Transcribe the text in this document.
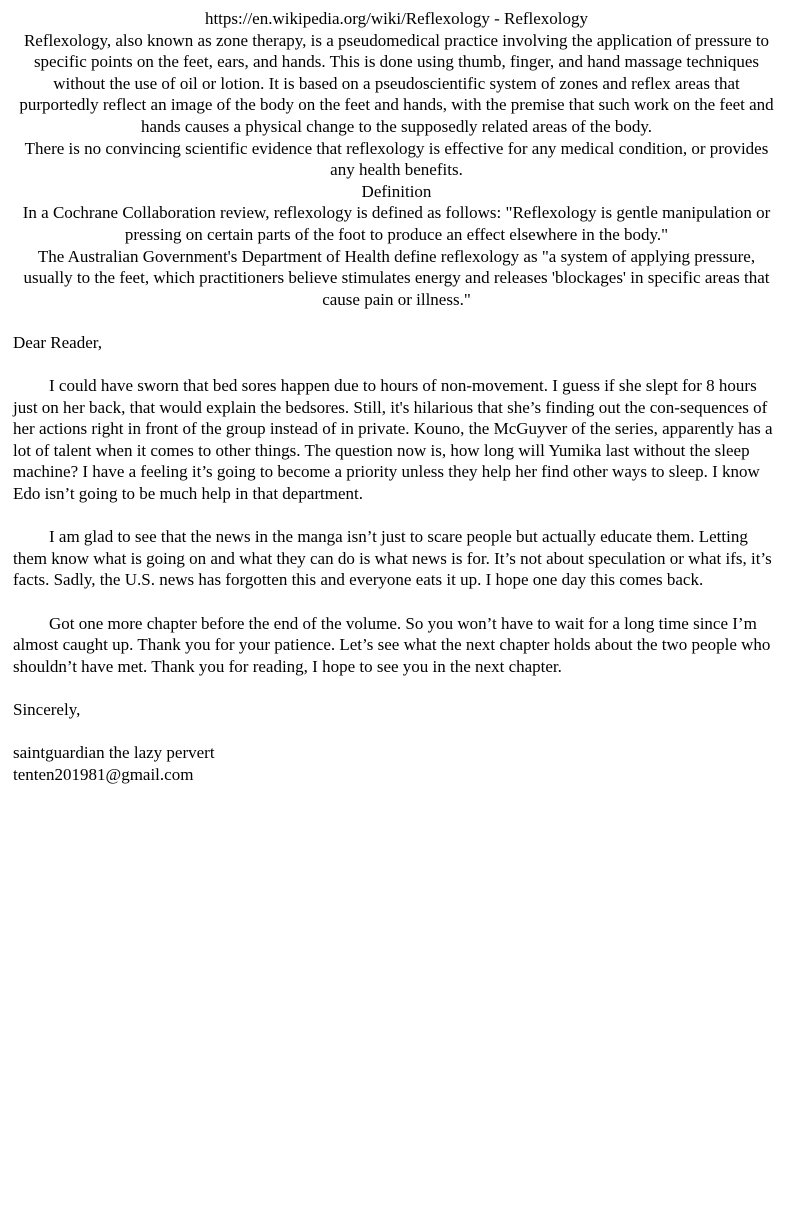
https://en.wikipedia.org/wiki/Reflexology - Reflexology

Reflexology, also known as zone therapy, is a pseudomedical practice involving the application of pressure to specific points on the feet, ears, and hands. This is done using thumb, finger, and hand massage techniques without the use of oil or lotion. It is based on a pseudoscientific system of zones and reflex areas that purportedly reflect an image of the body on the feet and hands, with the premise that such work on the feet and hands causes a physical change to the supposedly related areas of the body.

There is no convincing scientific evidence that reflexology is effective for any medical condition, or provides any health benefits.

Definition

In a Cochrane Collaboration review, reflexology is defined as follows: "Reflexology is gentle manipulation or pressing on certain parts of the foot to produce an effect elsewhere in the body."

The Australian Government's Department of Health define reflexology as "a system of applying pressure, usually to the feet, which practitioners believe stimulates energy and releases 'blockages' in specific areas that cause pain or illness."

Dear Reader,

I could have sworn that bed sores happen due to hours of non-movement. I guess if she slept for 8 hours just on her back, that would explain the bedsores. Still, it's hilarious that she’s finding out the con-sequences of her actions right in front of the group instead of in private. Kouno, the McGuyver of the series, apparently has a lot of talent when it comes to other things. The question now is, how long will Yumika last without the sleep machine? I have a feeling it’s going to become a priority unless they help her find other ways to sleep. I know Edo isn’t going to be much help in that department.

I am glad to see that the news in the manga isn’t just to scare people but actually educate them. Letting them know what is going on and what they can do is what news is for. It’s not about speculation or what ifs, it’s facts. Sadly, the U.S. news has forgotten this and everyone eats it up. I hope one day this comes back.

Got one more chapter before the end of the volume. So you won’t have to wait for a long time since I’m almost caught up. Thank you for your patience. Let’s see what the next chapter holds about the two people who shouldn’t have met. Thank you for reading, I hope to see you in the next chapter.

Sincerely,

saintguardian the lazy pervert

tenten201981@gmail.com
